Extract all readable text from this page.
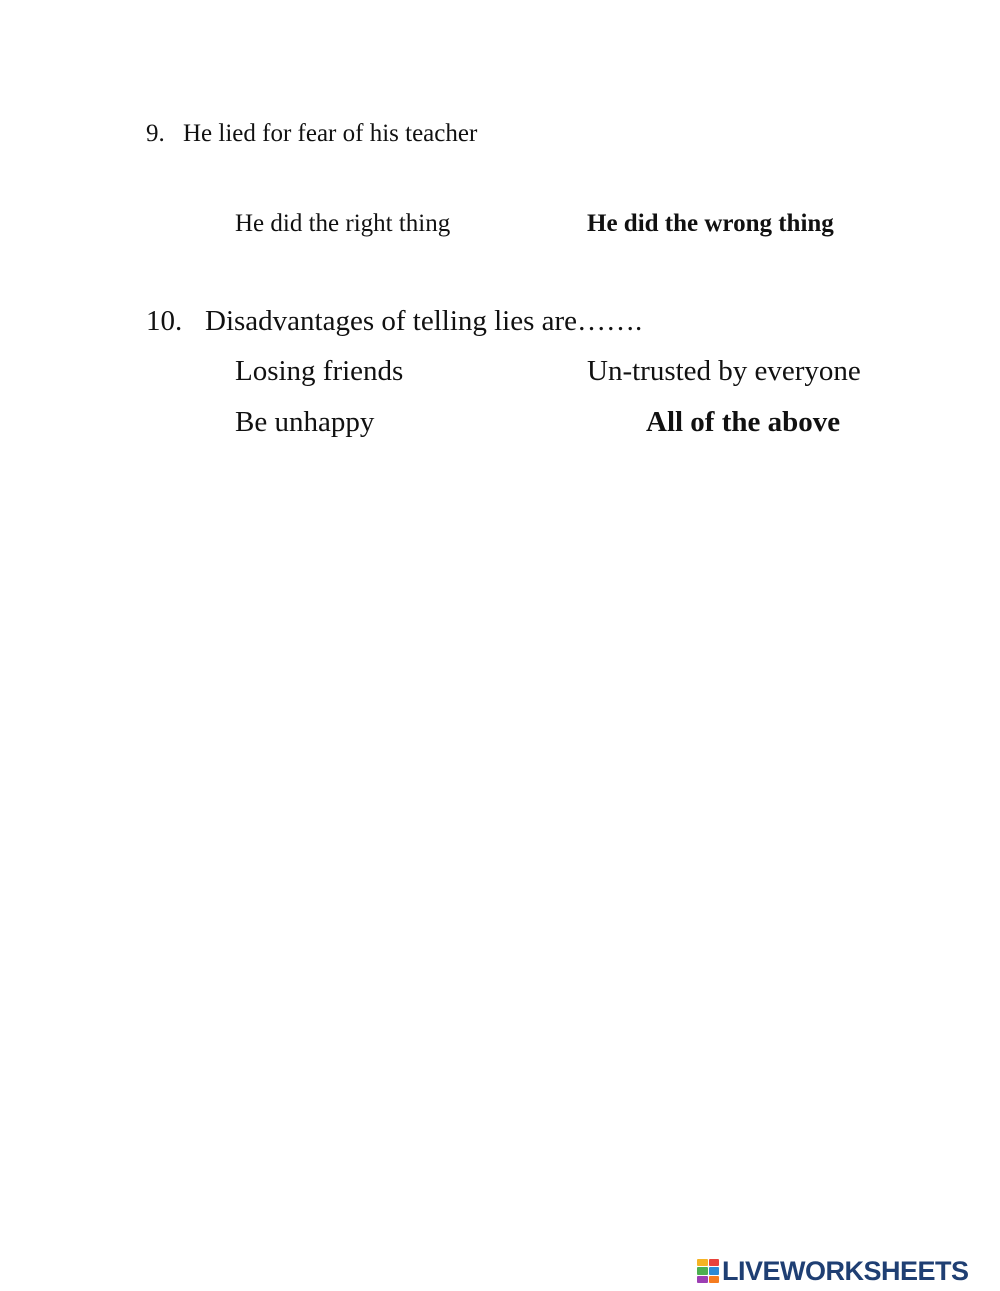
9. He lied for fear of his teacher
He did the right thing	He did the wrong thing
10. Disadvantages of telling lies are…….
Losing friends	Un-trusted by everyone
Be unhappy	All of the above
LIVEWORKSHEETS
